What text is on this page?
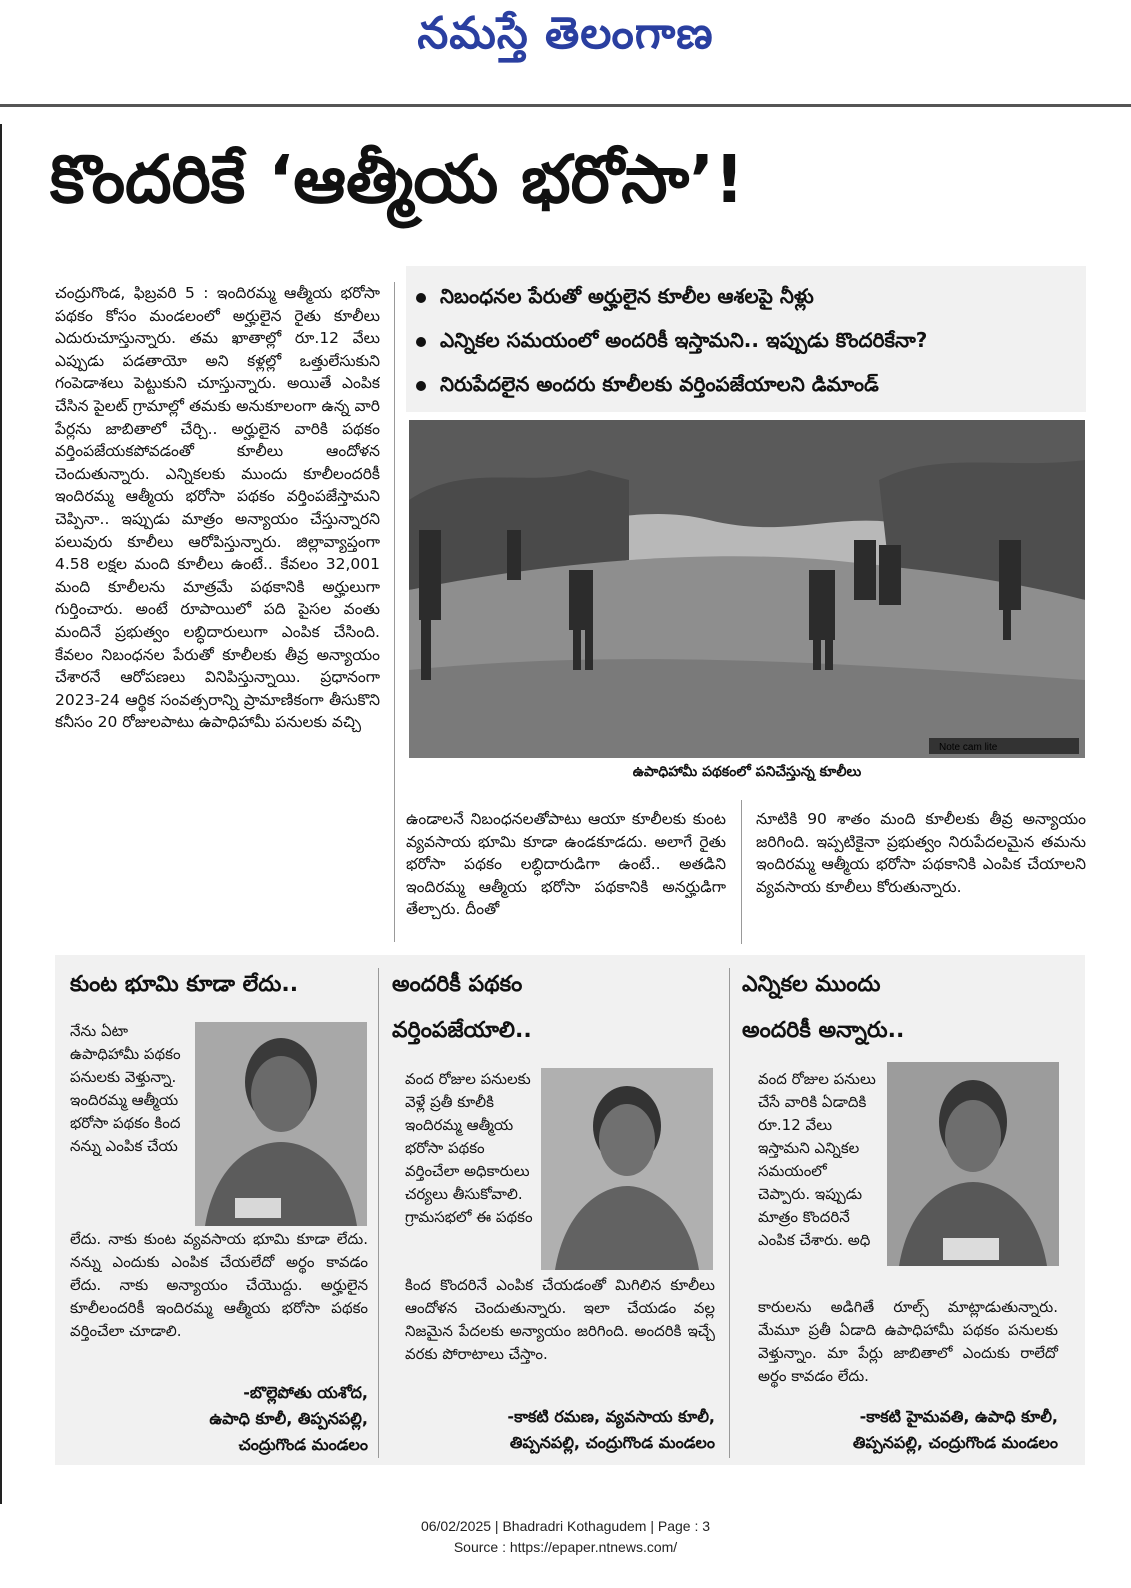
నమస్తే తెలంగాణ
కొందరికే ‘ఆత్మీయ భరోసా’!
చంద్రుగొండ, ఫిబ్రవరి 5 : ఇందిరమ్మ ఆత్మీయ భరోసా పథకం కోసం మండలంలో అర్హులైన రైతు కూలీలు ఎదురుచూస్తున్నారు. తమ ఖాతాల్లో రూ.12 వేలు ఎప్పుడు పడతాయో అని కళ్లల్లో ఒత్తులేసుకుని గంపెడాశలు పెట్టుకుని చూస్తున్నారు. అయితే ఎంపిక చేసిన పైలట్ గ్రామాల్లో తమకు అనుకూలంగా ఉన్న వారి పేర్లను జాబితాలో చేర్చి.. అర్హులైన వారికి పథకం వర్తింపజేయకపోవడంతో కూలీలు ఆందోళన చెందుతున్నారు. ఎన్నికలకు ముందు కూలీలందరికీ ఇందిరమ్మ ఆత్మీయ భరోసా పథకం వర్తింపజేస్తామని చెప్పినా.. ఇప్పుడు మాత్రం అన్యాయం చేస్తున్నారని పలువురు కూలీలు ఆరోపిస్తున్నారు. జిల్లావ్యాప్తంగా 4.58 లక్షల మంది కూలీలు ఉంటే.. కేవలం 32,001 మంది కూలీలను మాత్రమే పథకానికి అర్హులుగా గుర్తించారు. అంటే రూపాయిలో పది పైసల వంతు మందినే ప్రభుత్వం లబ్ధిదారులుగా ఎంపిక చేసింది. కేవలం నిబంధనల పేరుతో కూలీలకు తీవ్ర అన్యాయం చేశారనే ఆరోపణలు వినిపిస్తున్నాయి. ప్రధానంగా 2023-24 ఆర్థిక సంవత్సరాన్ని ప్రామాణికంగా తీసుకొని కనీసం 20 రోజులపాటు ఉపాధిహామీ పనులకు వచ్చి
నిబంధనల పేరుతో అర్హులైన కూలీల ఆశలపై నీళ్లు
ఎన్నికల సమయంలో అందరికీ ఇస్తామని.. ఇప్పుడు కొందరికేనా?
నిరుపేదలైన అందరు కూలీలకు వర్తింపజేయాలని డిమాండ్
Note cam lite
ఉపాధిహామీ పథకంలో పనిచేస్తున్న కూలీలు
ఉండాలనే నిబంధనలతోపాటు ఆయా కూలీలకు కుంట వ్యవసాయ భూమి కూడా ఉండకూడదు. అలాగే రైతు భరోసా పథకం లబ్ధిదారుడిగా ఉంటే.. అతడిని ఇందిరమ్మ ఆత్మీయ భరోసా పథకానికి అనర్హుడిగా తేల్చారు. దీంతో
నూటికి 90 శాతం మంది కూలీలకు తీవ్ర అన్యాయం జరిగింది. ఇప్పటికైనా ప్రభుత్వం నిరుపేదలమైన తమను ఇందిరమ్మ ఆత్మీయ భరోసా పథకానికి ఎంపిక చేయాలని వ్యవసాయ కూలీలు కోరుతున్నారు.
కుంట భూమి కూడా లేదు..
నేను ఏటా ఉపాధిహామీ పథకం పనులకు వెళ్తున్నా. ఇందిరమ్మ ఆత్మీయ భరోసా పథకం కింద నన్ను ఎంపిక చేయ
లేదు. నాకు కుంట వ్యవసాయ భూమి కూడా లేదు. నన్ను ఎందుకు ఎంపిక చేయలేదో అర్థం కావడం లేదు. నాకు అన్యాయం చేయొద్దు. అర్హులైన కూలీలందరికీ ఇందిరమ్మ ఆత్మీయ భరోసా పథకం వర్తించేలా చూడాలి.
-బొల్లెపోతు యశోద,
ఉపాధి కూలీ, తిప్పనపల్లి,
చంద్రుగొండ మండలం
అందరికీ పథకం
వర్తింపజేయాలి..
వంద రోజుల పనులకు వెళ్లే ప్రతీ కూలీకి ఇందిరమ్మ ఆత్మీయ భరోసా పథకం వర్తించేలా అధికారులు చర్యలు తీసుకోవాలి. గ్రామసభలో ఈ పథకం
కింద కొందరినే ఎంపిక చేయడంతో మిగిలిన కూలీలు ఆందోళన చెందుతున్నారు. ఇలా చేయడం వల్ల నిజమైన పేదలకు అన్యాయం జరిగింది. అందరికి ఇచ్చే వరకు పోరాటాలు చేస్తాం.
-కాకటి రమణ, వ్యవసాయ కూలీ,
తిప్పనపల్లి, చంద్రుగొండ మండలం
ఎన్నికల ముందు
అందరికీ అన్నారు..
వంద రోజుల పనులు చేసే వారికి ఏడాదికి రూ.12 వేలు ఇస్తామని ఎన్నికల సమయంలో చెప్పారు. ఇప్పుడు మాత్రం కొందరినే ఎంపిక చేశారు. అధి
కారులను అడిగితే రూల్స్ మాట్లాడుతున్నారు. మేమూ ప్రతీ ఏడాది ఉపాధిహామీ పథకం పనులకు వెళ్తున్నాం. మా పేర్లు జాబితాలో ఎందుకు రాలేదో అర్థం కావడం లేదు.
-కాకటి హైమవతి, ఉపాధి కూలీ,
తిప్పనపల్లి, చంద్రుగొండ మండలం
06/02/2025 | Bhadradri Kothagudem | Page : 3
Source : https://epaper.ntnews.com/
